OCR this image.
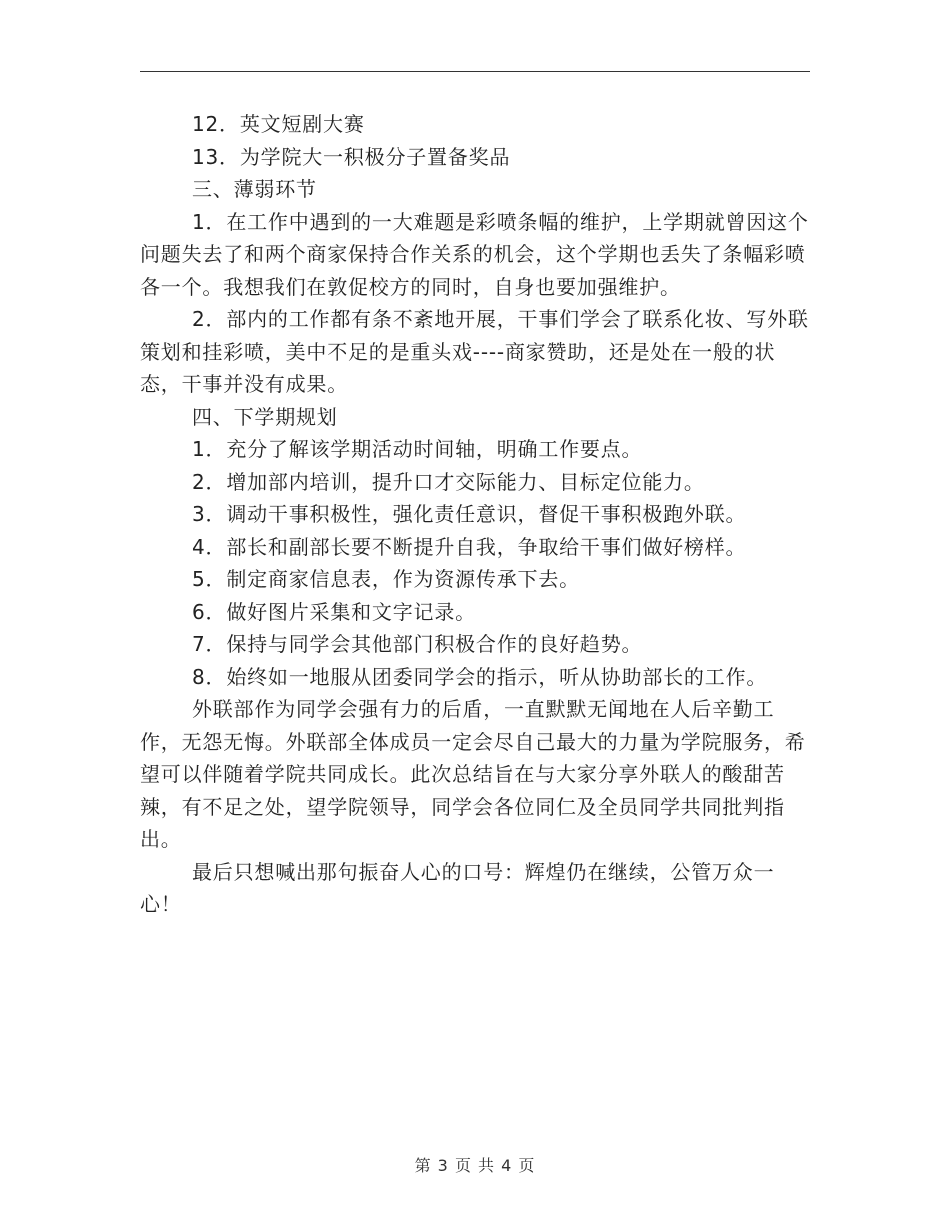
12．英文短剧大赛

13．为学院大一积极分子置备奖品

三、薄弱环节

1．在工作中遇到的一大难题是彩喷条幅的维护，上学期就曾因这个问题失去了和两个商家保持合作关系的机会，这个学期也丢失了条幅彩喷各一个。我想我们在敦促校方的同时，自身也要加强维护。

2．部内的工作都有条不紊地开展，干事们学会了联系化妆、写外联策划和挂彩喷，美中不足的是重头戏----商家赞助，还是处在一般的状态，干事并没有成果。

四、下学期规划

1．充分了解该学期活动时间轴，明确工作要点。

2．增加部内培训，提升口才交际能力、目标定位能力。

3．调动干事积极性，强化责任意识，督促干事积极跑外联。

4．部长和副部长要不断提升自我，争取给干事们做好榜样。

5．制定商家信息表，作为资源传承下去。

6．做好图片采集和文字记录。

7．保持与同学会其他部门积极合作的良好趋势。

8．始终如一地服从团委同学会的指示，听从协助部长的工作。

外联部作为同学会强有力的后盾，一直默默无闻地在人后辛勤工作，无怨无悔。外联部全体成员一定会尽自己最大的力量为学院服务，希望可以伴随着学院共同成长。此次总结旨在与大家分享外联人的酸甜苦辣，有不足之处，望学院领导，同学会各位同仁及全员同学共同批判指出。

最后只想喊出那句振奋人心的口号：辉煌仍在继续，公管万众一心！

第 3 页 共 4 页
